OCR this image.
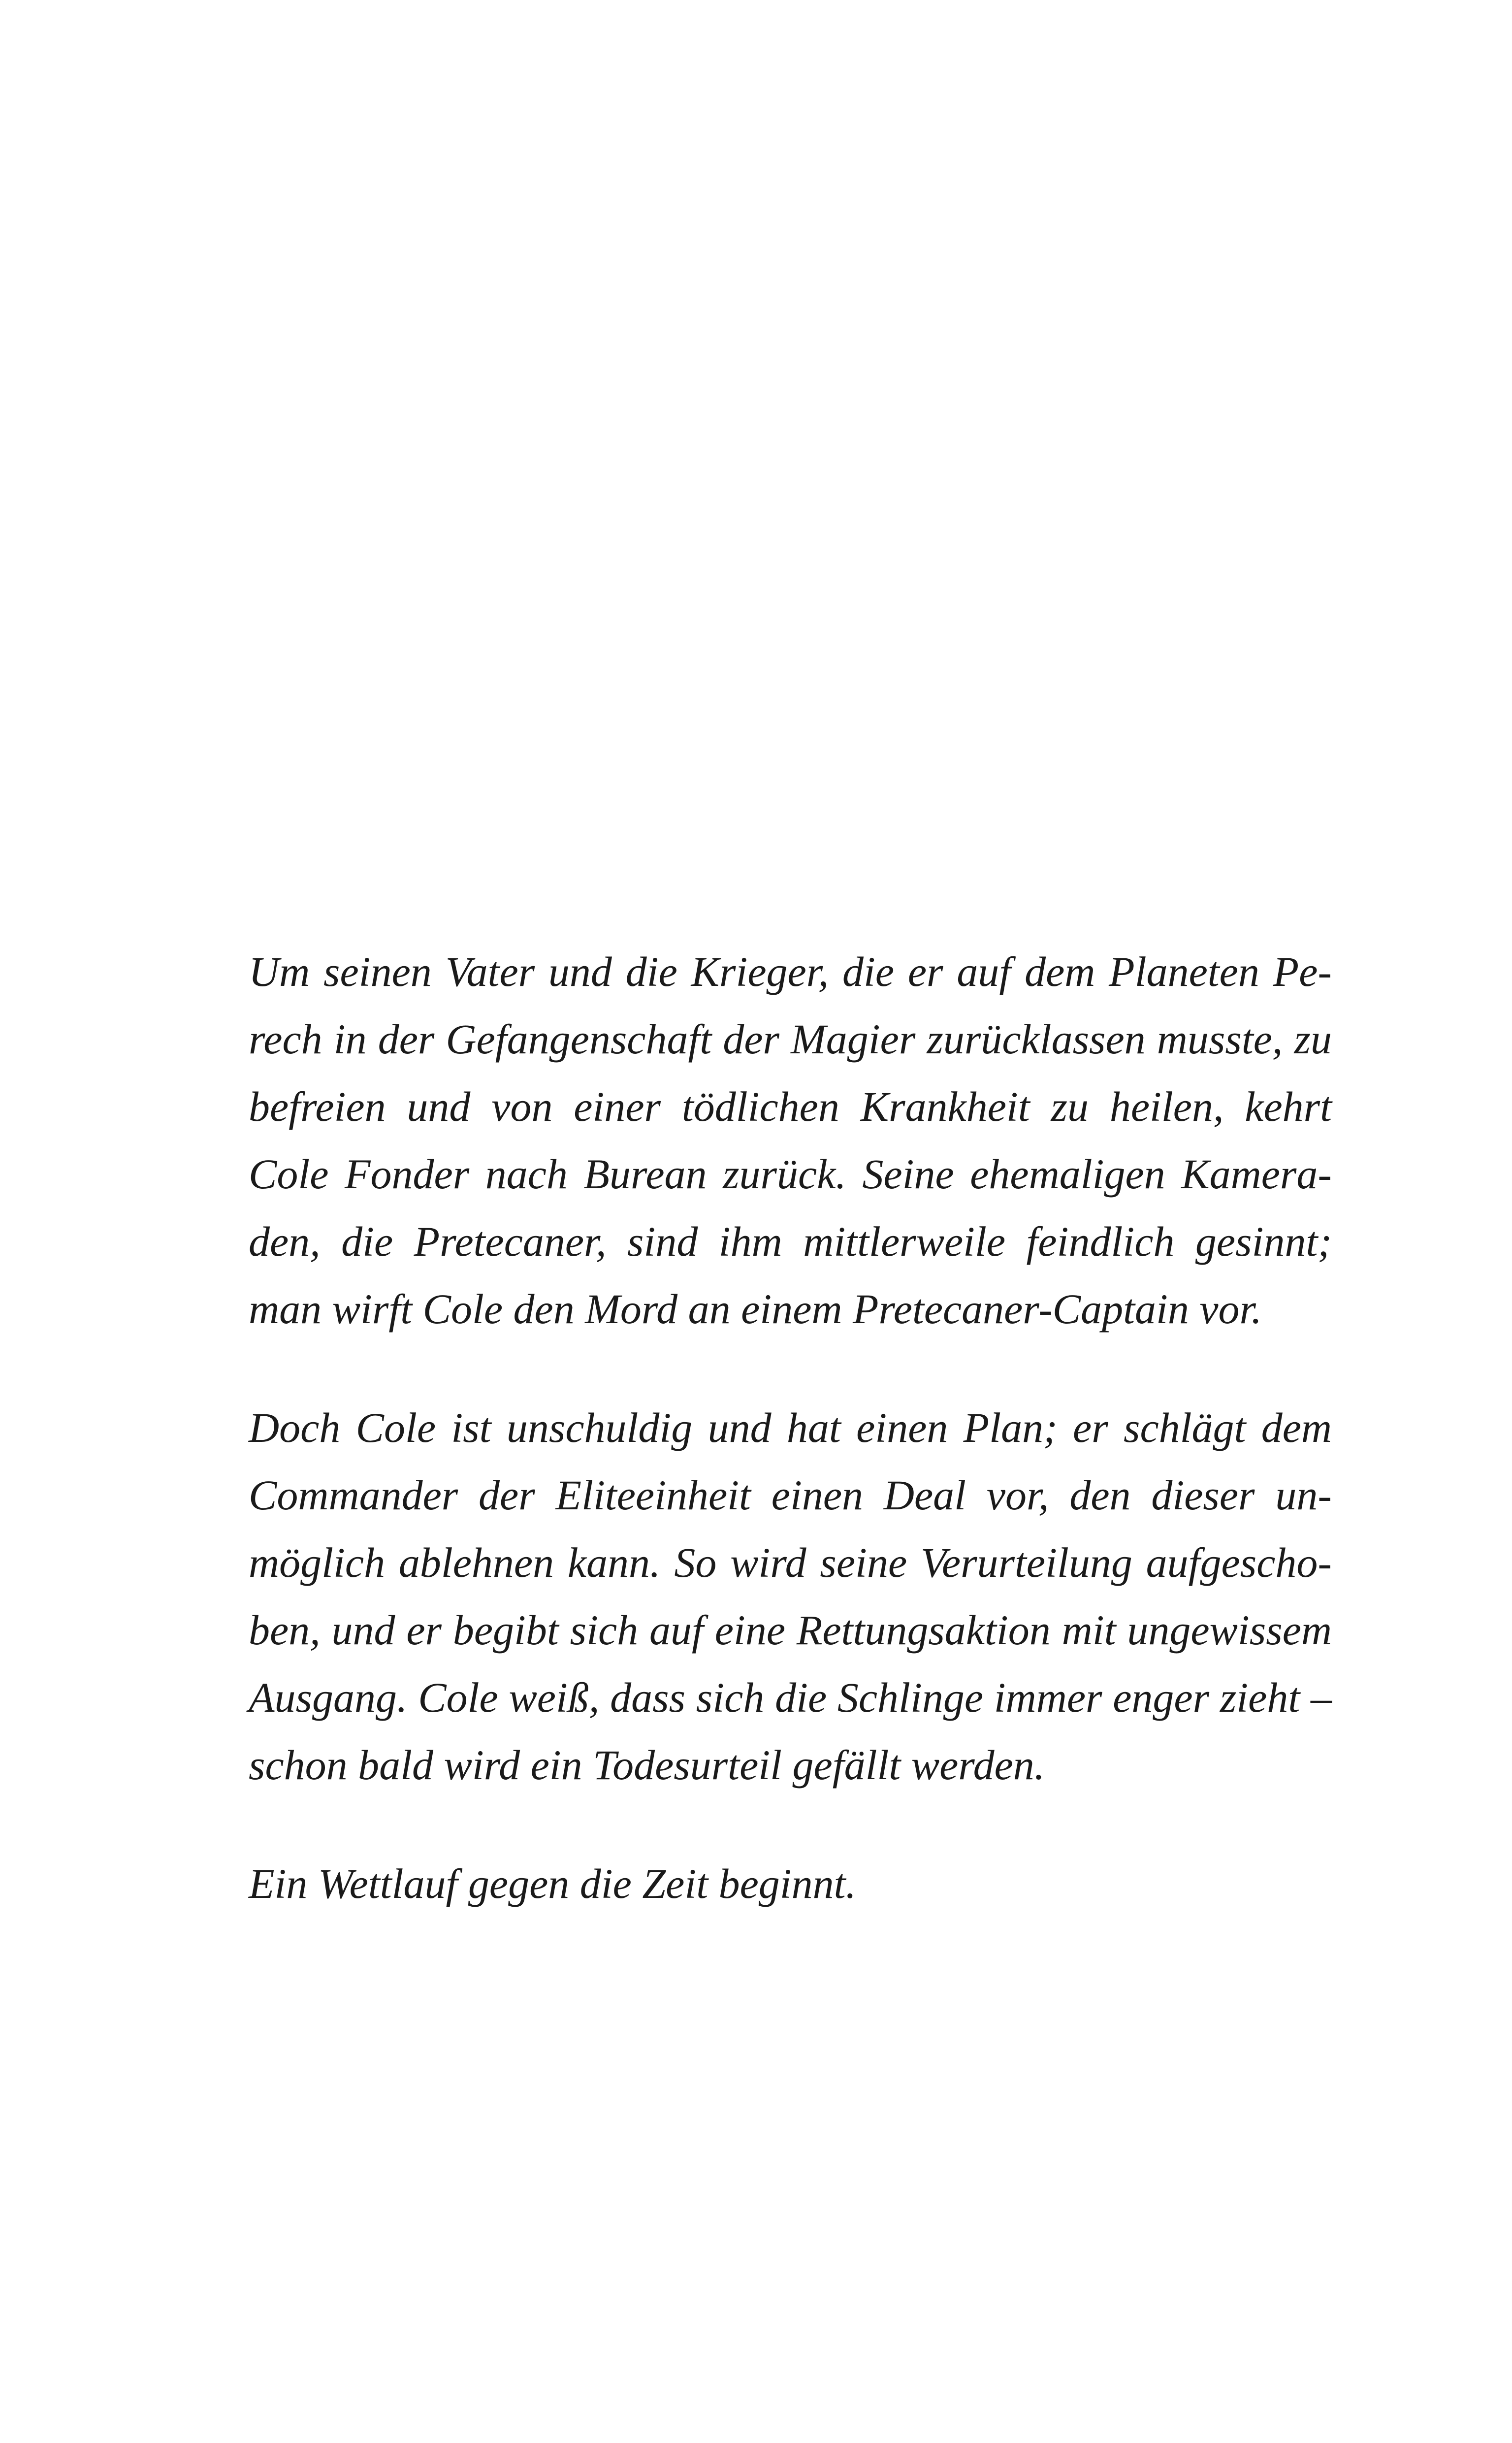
Um seinen Vater und die Krieger, die er auf dem Planeten Pe-
rech in der Gefangenschaft der Magier zurücklassen musste, zu
befreien und von einer tödlichen Krankheit zu heilen, kehrt
Cole Fonder nach Burean zurück. Seine ehemaligen Kamera-
den, die Pretecaner, sind ihm mittlerweile feindlich gesinnt;
man wirft Cole den Mord an einem Pretecaner-Captain vor.
Doch Cole ist unschuldig und hat einen Plan; er schlägt dem
Commander der Eliteeinheit einen Deal vor, den dieser un-
möglich ablehnen kann. So wird seine Verurteilung aufgescho-
ben, und er begibt sich auf eine Rettungsaktion mit ungewissem
Ausgang. Cole weiß, dass sich die Schlinge immer enger zieht –
schon bald wird ein Todesurteil gefällt werden.
Ein Wettlauf gegen die Zeit beginnt.
